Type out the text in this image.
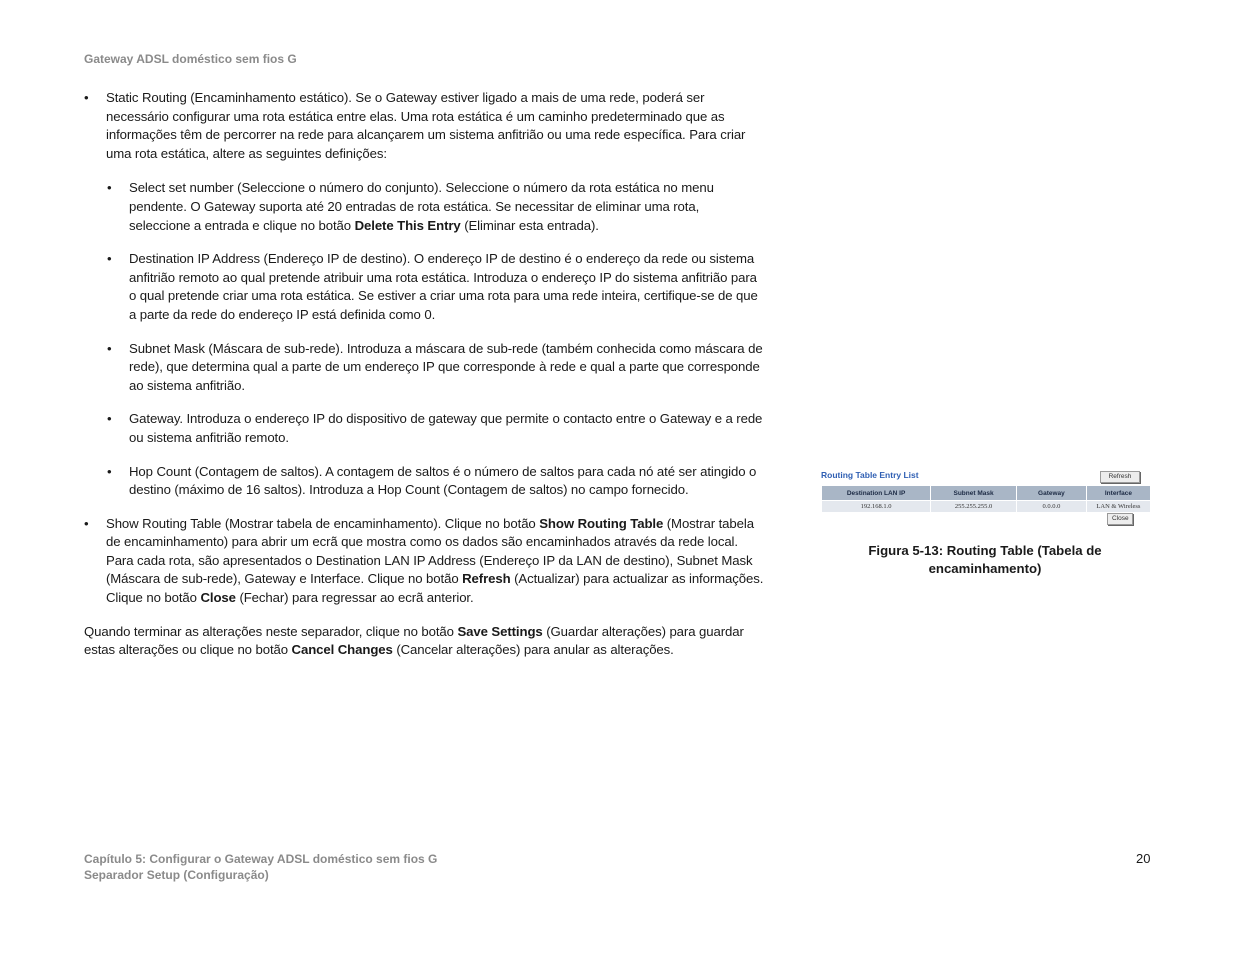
Gateway ADSL doméstico sem fios G
• Static Routing (Encaminhamento estático). Se o Gateway estiver ligado a mais de uma rede, poderá ser necessário configurar uma rota estática entre elas. Uma rota estática é um caminho predeterminado que as informações têm de percorrer na rede para alcançarem um sistema anfitrião ou uma rede específica. Para criar uma rota estática, altere as seguintes definições:
• Select set number (Seleccione o número do conjunto). Seleccione o número da rota estática no menu pendente. O Gateway suporta até 20 entradas de rota estática. Se necessitar de eliminar uma rota, seleccione a entrada e clique no botão Delete This Entry (Eliminar esta entrada).
• Destination IP Address (Endereço IP de destino). O endereço IP de destino é o endereço da rede ou sistema anfitrião remoto ao qual pretende atribuir uma rota estática. Introduza o endereço IP do sistema anfitrião para o qual pretende criar uma rota estática. Se estiver a criar uma rota para uma rede inteira, certifique-se de que a parte da rede do endereço IP está definida como 0.
• Subnet Mask (Máscara de sub-rede). Introduza a máscara de sub-rede (também conhecida como máscara de rede), que determina qual a parte de um endereço IP que corresponde à rede e qual a parte que corresponde ao sistema anfitrião.
• Gateway. Introduza o endereço IP do dispositivo de gateway que permite o contacto entre o Gateway e a rede ou sistema anfitrião remoto.
• Hop Count (Contagem de saltos). A contagem de saltos é o número de saltos para cada nó até ser atingido o destino (máximo de 16 saltos). Introduza a Hop Count (Contagem de saltos) no campo fornecido.
• Show Routing Table (Mostrar tabela de encaminhamento). Clique no botão Show Routing Table (Mostrar tabela de encaminhamento) para abrir um ecrã que mostra como os dados são encaminhados através da rede local. Para cada rota, são apresentados o Destination LAN IP Address (Endereço IP da LAN de destino), Subnet Mask (Máscara de sub-rede), Gateway e Interface. Clique no botão Refresh (Actualizar) para actualizar as informações. Clique no botão Close (Fechar) para regressar ao ecrã anterior.
Quando terminar as alterações neste separador, clique no botão Save Settings (Guardar alterações) para guardar estas alterações ou clique no botão Cancel Changes (Cancelar alterações) para anular as alterações.
Routing Table Entry List	Refresh
Destination LAN IP	Subnet Mask	Gateway	Interface
192.168.1.0	255.255.255.0	0.0.0.0	LAN & Wireless
Close
Figura 5-13: Routing Table (Tabela de encaminhamento)
Capítulo 5: Configurar o Gateway ADSL doméstico sem fios G
Separador Setup (Configuração)
20
